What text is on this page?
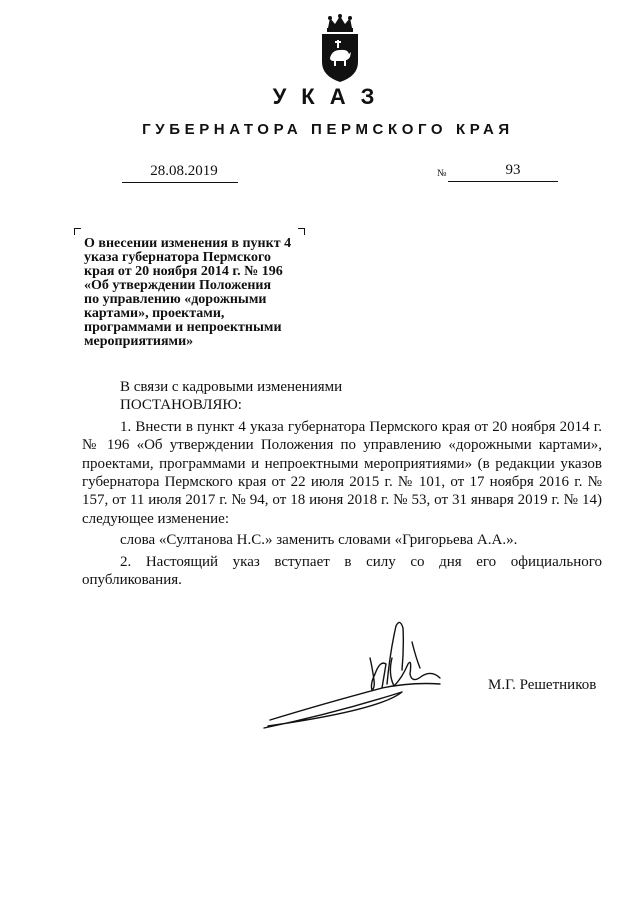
УКАЗ
ГУБЕРНАТОРА ПЕРМСКОГО КРАЯ
28.08.2019	№	93

О внесении изменения в пункт 4
указа губернатора Пермского
края от 20 ноября 2014 г. № 196
«Об утверждении Положения
по управлению «дорожными
картами», проектами,
программами и непроектными
мероприятиями»

В связи с кадровыми изменениями

ПОСТАНОВЛЯЮ:

1. Внести в пункт 4 указа губернатора Пермского края от 20 ноября 2014 г. № 196 «Об утверждении Положения по управлению «дорожными картами», проектами, программами и непроектными мероприятиями» (в редакции указов губернатора Пермского края от 22 июля 2015 г. № 101, от 17 ноября 2016 г. № 157, от 11 июля 2017 г. № 94, от 18 июня 2018 г. № 53, от 31 января 2019 г. № 14) следующее изменение:

слова «Султанова Н.С.» заменить словами «Григорьева А.А.».

2. Настоящий указ вступает в силу со дня его официального опубликования.

М.Г. Решетников
